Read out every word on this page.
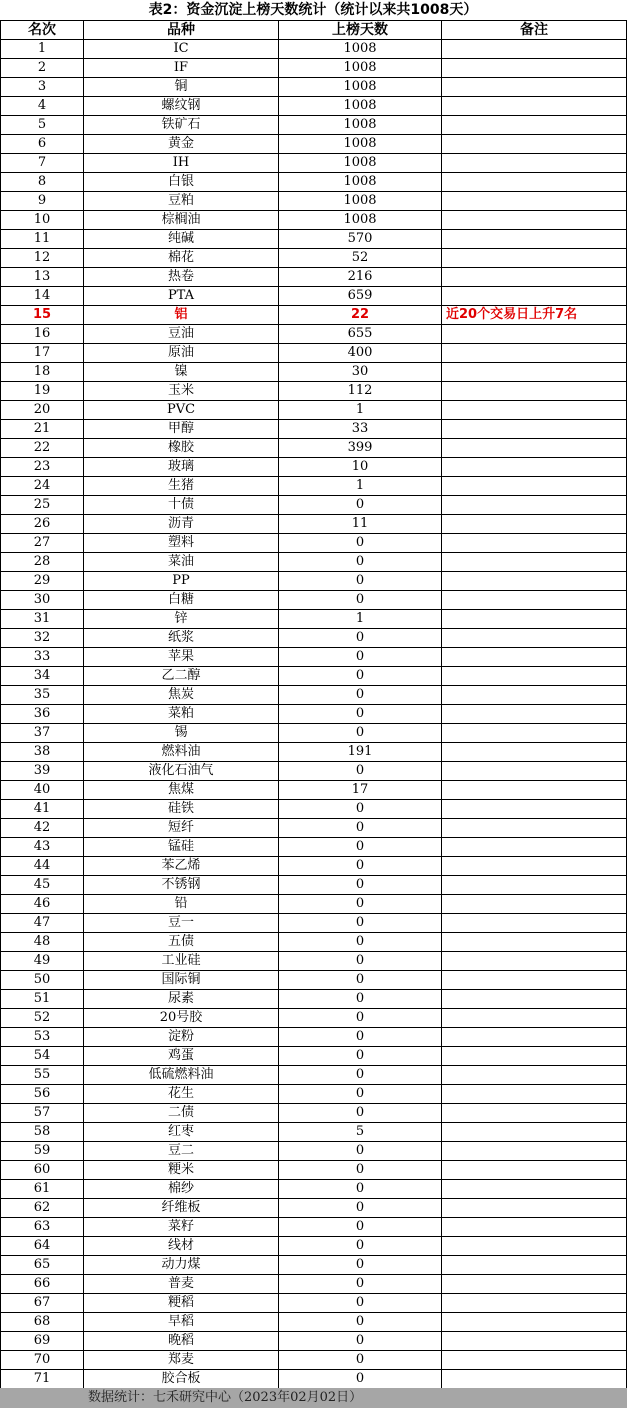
表2：资金沉淀上榜天数统计（统计以来共1008天）
名次	品种	上榜天数	备注
1	IC	1008	
2	IF	1008	
3	铜	1008	
4	螺纹钢	1008	
5	铁矿石	1008	
6	黄金	1008	
7	IH	1008	
8	白银	1008	
9	豆粕	1008	
10	棕榈油	1008	
11	纯碱	570	
12	棉花	52	
13	热卷	216	
14	PTA	659	
15	铝	22	近20个交易日上升7名
16	豆油	655	
17	原油	400	
18	镍	30	
19	玉米	112	
20	PVC	1	
21	甲醇	33	
22	橡胶	399	
23	玻璃	10	
24	生猪	1	
25	十债	0	
26	沥青	11	
27	塑料	0	
28	菜油	0	
29	PP	0	
30	白糖	0	
31	锌	1	
32	纸浆	0	
33	苹果	0	
34	乙二醇	0	
35	焦炭	0	
36	菜粕	0	
37	锡	0	
38	燃料油	191	
39	液化石油气	0	
40	焦煤	17	
41	硅铁	0	
42	短纤	0	
43	锰硅	0	
44	苯乙烯	0	
45	不锈钢	0	
46	铅	0	
47	豆一	0	
48	五债	0	
49	工业硅	0	
50	国际铜	0	
51	尿素	0	
52	20号胶	0	
53	淀粉	0	
54	鸡蛋	0	
55	低硫燃料油	0	
56	花生	0	
57	二债	0	
58	红枣	5	
59	豆二	0	
60	粳米	0	
61	棉纱	0	
62	纤维板	0	
63	菜籽	0	
64	线材	0	
65	动力煤	0	
66	普麦	0	
67	粳稻	0	
68	早稻	0	
69	晚稻	0	
70	郑麦	0	
71	胶合板	0	
数据统计：七禾研究中心（2023年02月02日）
